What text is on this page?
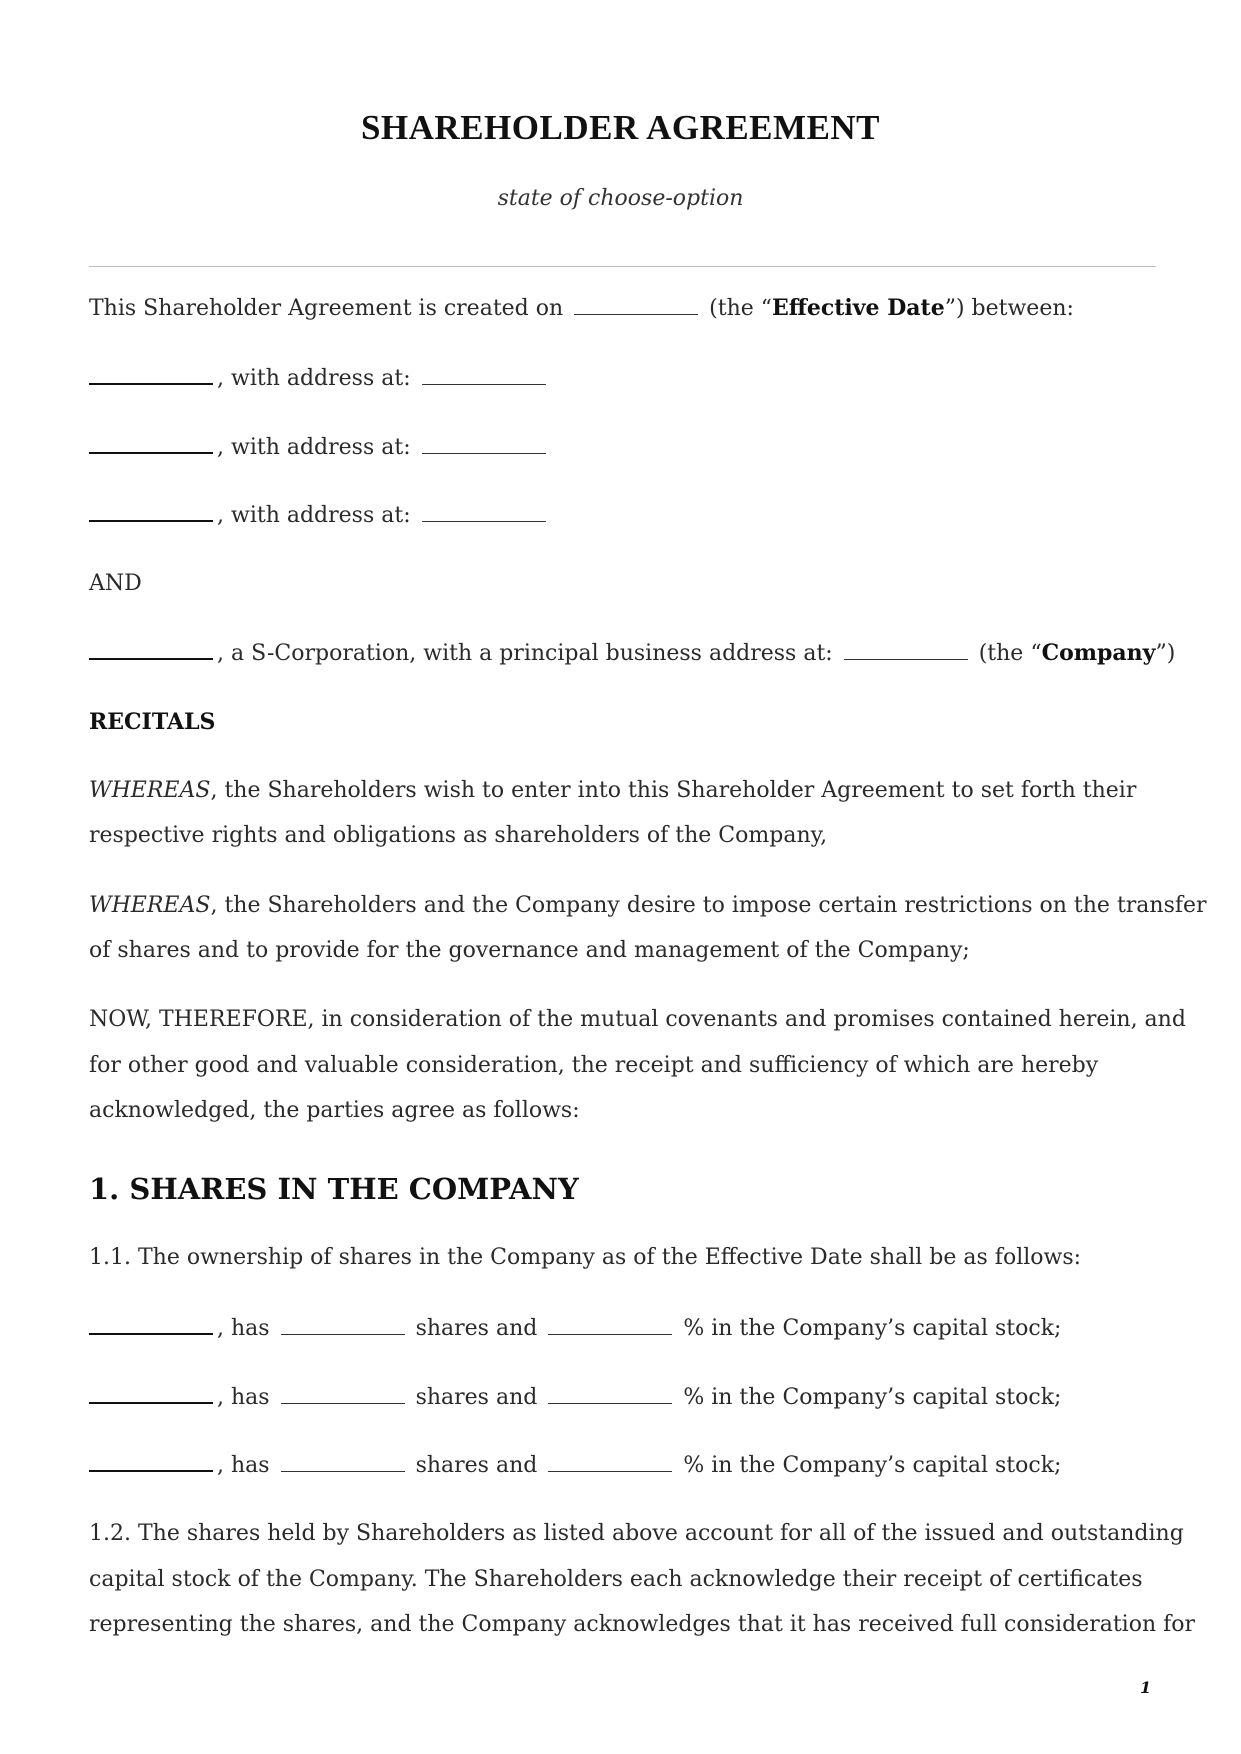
SHAREHOLDER AGREEMENT
state of choose-option
This Shareholder Agreement is created on	(the “Effective Date”) between:
, with address at:
, with address at:
, with address at:
AND
, a S-Corporation, with a principal business address at:	(the “Company”)
RECITALS
WHEREAS, the Shareholders wish to enter into this Shareholder Agreement to set forth their
respective rights and obligations as shareholders of the Company,
WHEREAS, the Shareholders and the Company desire to impose certain restrictions on the transfer
of shares and to provide for the governance and management of the Company;
NOW, THEREFORE, in consideration of the mutual covenants and promises contained herein, and
for other good and valuable consideration, the receipt and sufficiency of which are hereby
acknowledged, the parties agree as follows:
1. SHARES IN THE COMPANY
1.1. The ownership of shares in the Company as of the Effective Date shall be as follows:
, has	shares and	% in the Company’s capital stock;
, has	shares and	% in the Company’s capital stock;
, has	shares and	% in the Company’s capital stock;
1.2. The shares held by Shareholders as listed above account for all of the issued and outstanding
capital stock of the Company. The Shareholders each acknowledge their receipt of certificates
representing the shares, and the Company acknowledges that it has received full consideration for
1
